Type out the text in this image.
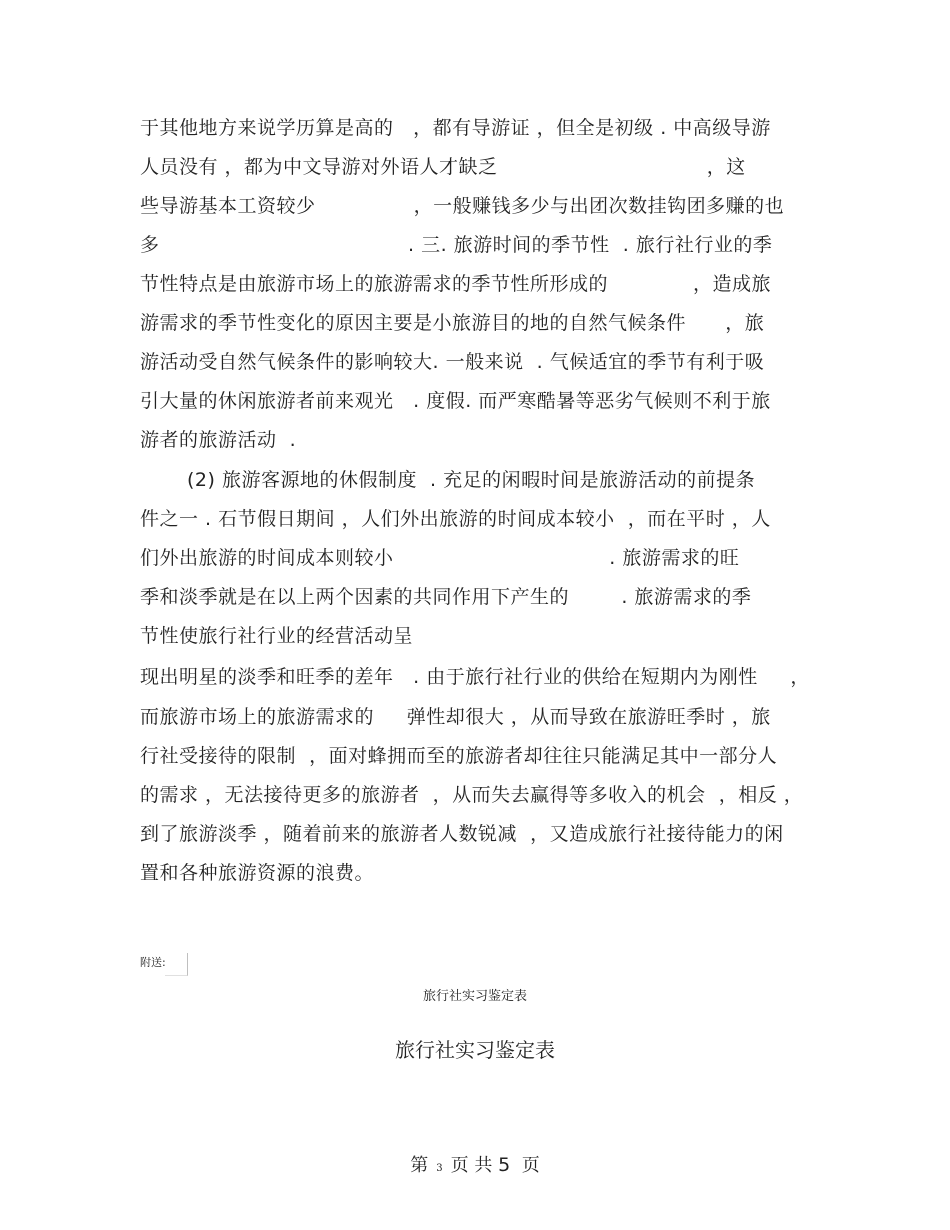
于其他地方来说学历算是高的   ，都有导游证 ，但全是初级 . 中高级导游
人员没有 ，都为中文导游对外语人才缺乏                                ，这
些导游基本工资较少               ，一般赚钱多少与出团次数挂钩团多赚的也
多                                      . 三. 旅游时间的季节性  . 旅行社行业的季
节性特点是由旅游市场上的旅游需求的季节性所形成的             ，造成旅
游需求的季节性变化的原因主要是小旅游目的地的自然气候条件      ，旅
游活动受自然气候条件的影响较大. 一般来说  . 气候适宜的季节有利于吸
引大量的休闲旅游者前来观光   . 度假. 而严寒酷暑等恶劣气候则不利于旅
游者的旅游活动  .
(2) 旅游客源地的休假制度  . 充足的闲暇时间是旅游活动的前提条
件之一 . 石节假日期间 ，人们外出旅游的时间成本较小  ，而在平时 ，人
们外出旅游的时间成本则较小                                 . 旅游需求的旺
季和淡季就是在以上两个因素的共同作用下产生的        . 旅游需求的季
节性使旅行社行业的经营活动呈
现出明星的淡季和旺季的差年   . 由于旅行社行业的供给在短期内为刚性     ，
而旅游市场上的旅游需求的     弹性却很大 ，从而导致在旅游旺季时 ，旅
行社受接待的限制  ，面对蜂拥而至的旅游者却往往只能满足其中一部分人
的需求 ，无法接待更多的旅游者  ，从而失去赢得等多收入的机会  ，相反 ，
到了旅游淡季 ，随着前来的旅游者人数锐减  ，又造成旅行社接待能力的闲
置和各种旅游资源的浪费。
附送:
旅行社实习鉴定表
旅行社实习鉴定表
第 3 页 共 5 页
